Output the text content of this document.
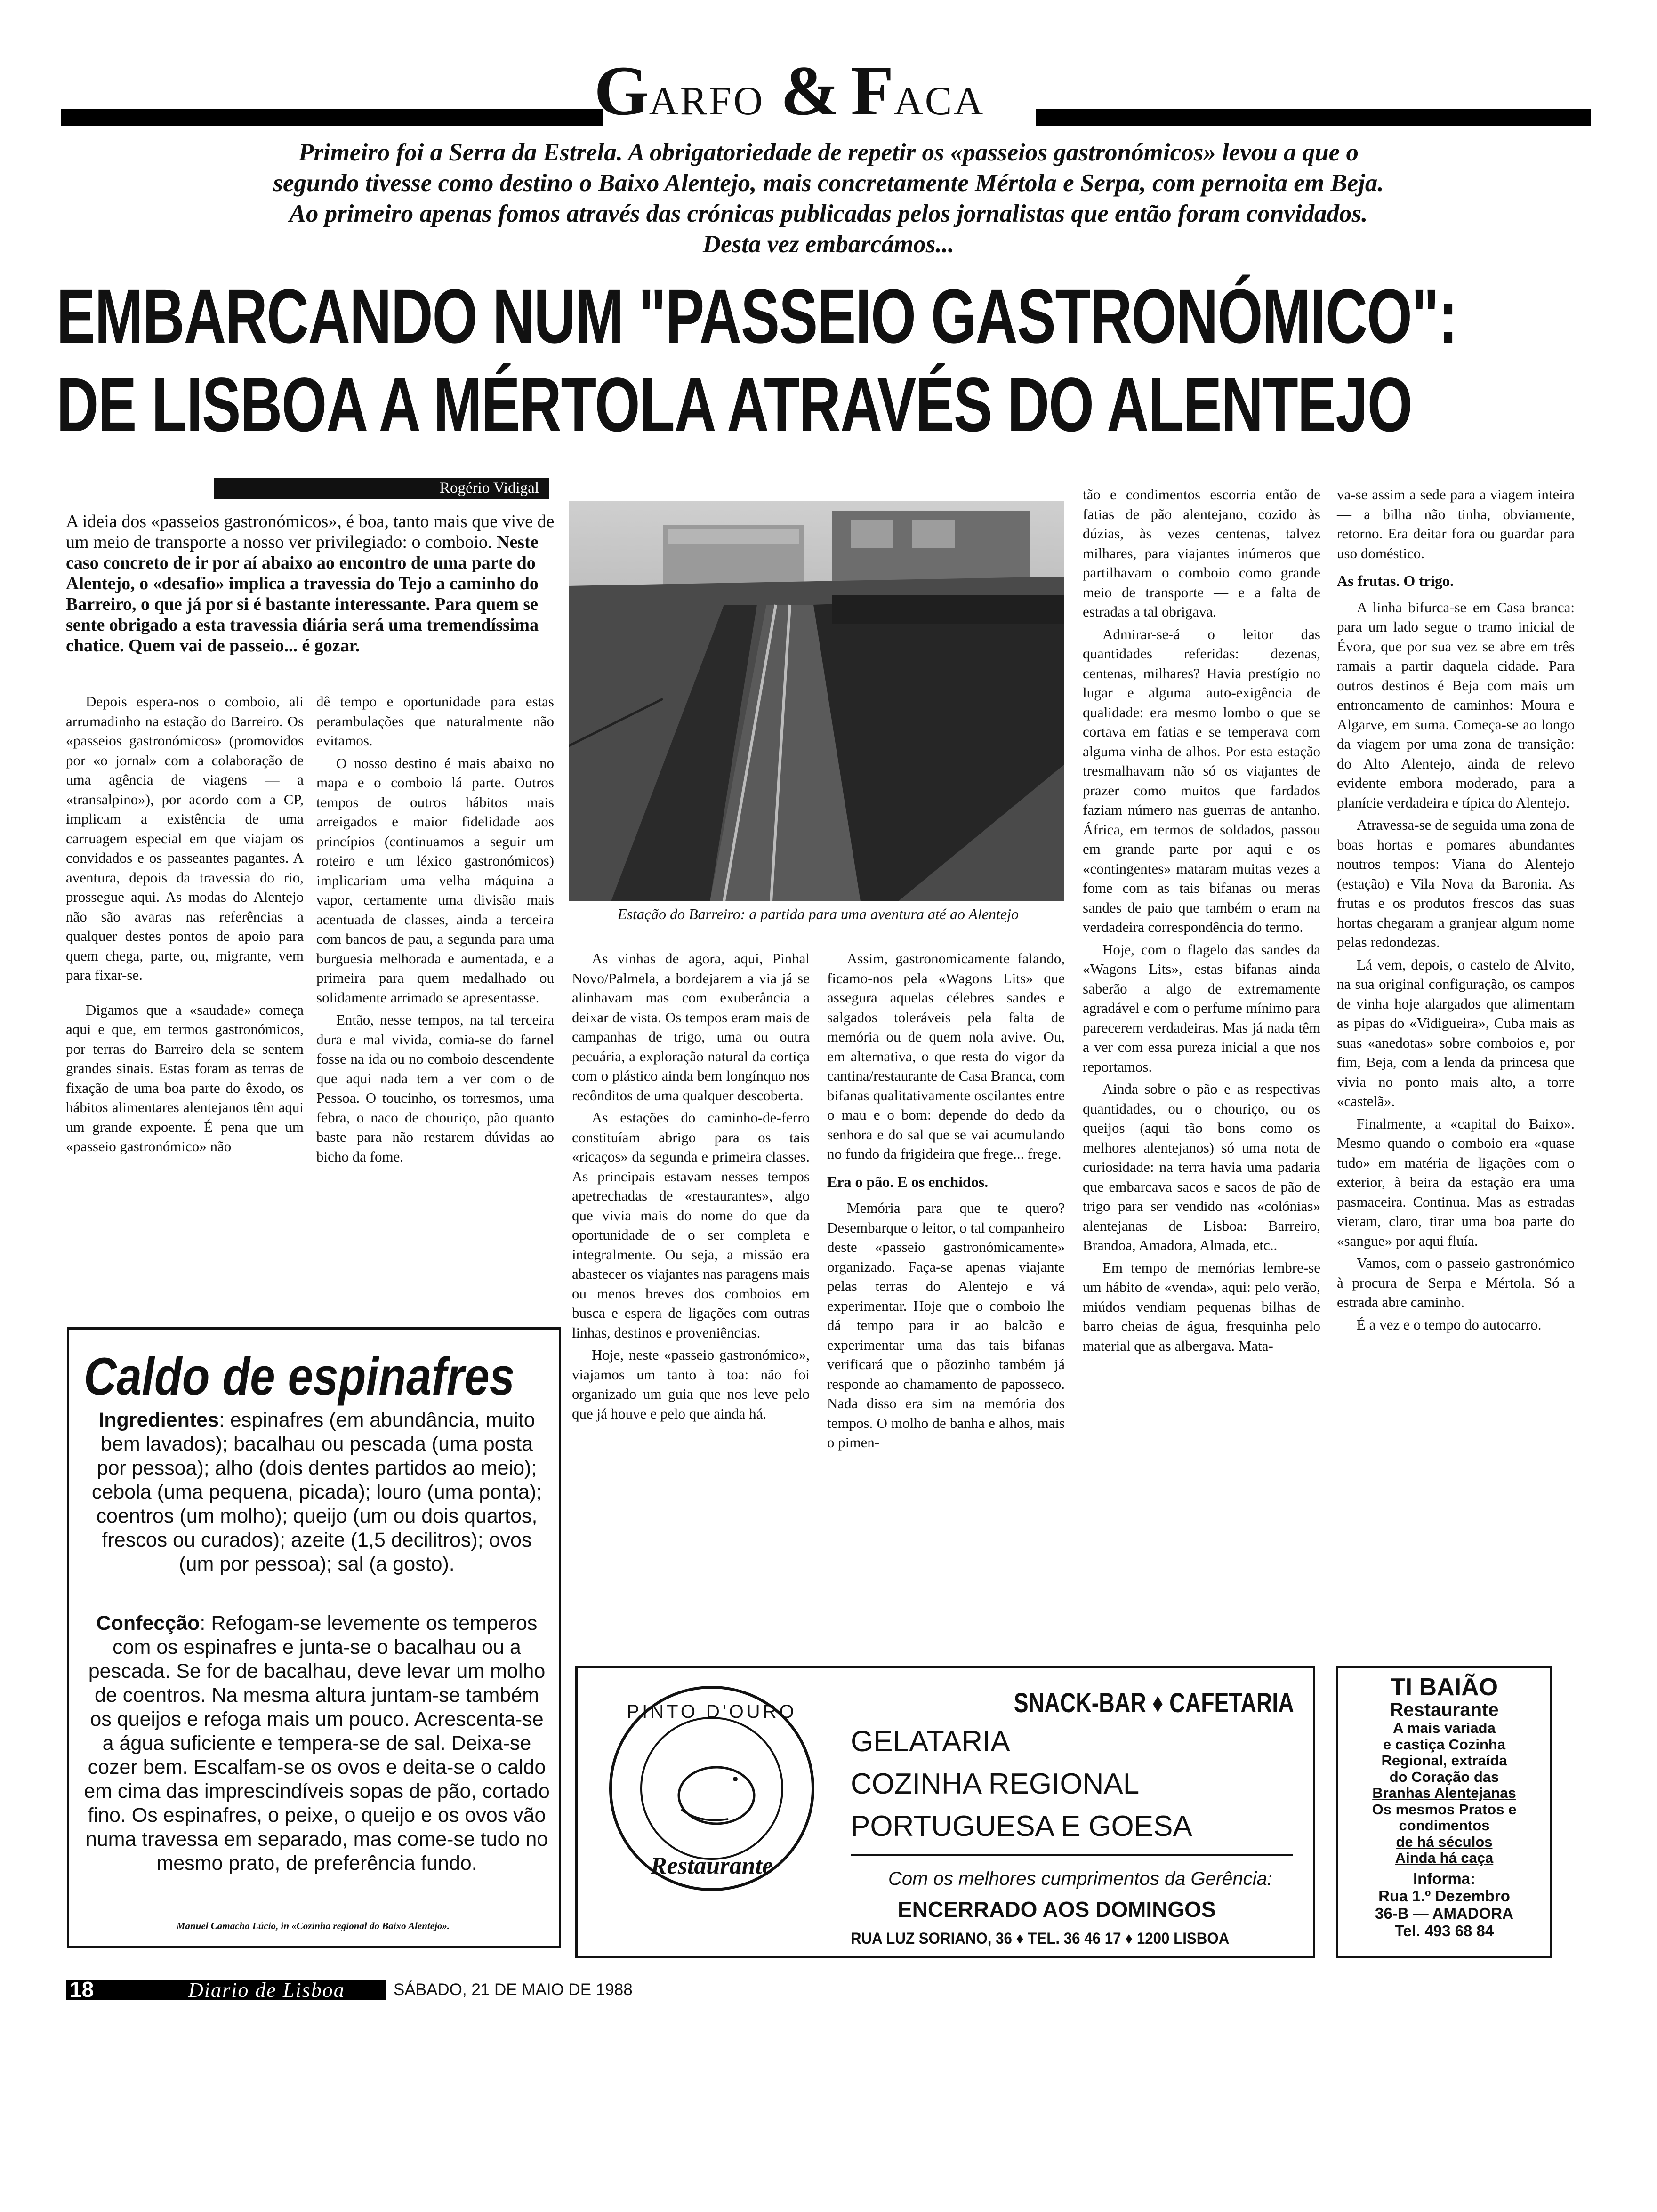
GARFO & FACA
Primeiro foi a Serra da Estrela. A obrigatoriedade de repetir os «passeios gastronómicos» levou a que o
segundo tivesse como destino o Baixo Alentejo, mais concretamente Mértola e Serpa, com pernoita em Beja.
Ao primeiro apenas fomos através das crónicas publicadas pelos jornalistas que então foram convidados.
Desta vez embarcámos...
EMBARCANDO NUM "PASSEIO GASTRONÓMICO":
DE LISBOA A MÉRTOLA ATRAVÉS DO ALENTEJO
Rogério Vidigal
A ideia dos «passeios gastronómicos», é boa, tanto mais que vive de um meio de transporte a nosso ver privilegiado: o comboio. Neste caso concreto de ir por aí abaixo ao encontro de uma parte do Alentejo, o «desafio» implica a travessia do Tejo a caminho do Barreiro, o que já por si é bastante interessante. Para quem se sente obrigado a esta travessia diária será uma tremendíssima chatice. Quem vai de passeio... é gozar.
Estação do Barreiro: a partida para uma aventura até ao Alentejo

Depois espera-nos o comboio, ali arrumadinho na estação do Barreiro. Os «passeios gastronómicos» (promovidos por «o jornal» com a colaboração de uma agência de viagens — a «transalpino»), por acordo com a CP, implicam a existência de uma carruagem especial em que viajam os convidados e os passeantes pagantes. A aventura, depois da travessia do rio, prossegue aqui. As modas do Alentejo não são avaras nas referências a qualquer destes pontos de apoio para quem chega, parte, ou, migrante, vem para fixar-se.

Digamos que a «saudade» começa aqui e que, em termos gastronómicos, por terras do Barreiro dela se sentem grandes sinais. Estas foram as terras de fixação de uma boa parte do êxodo, os hábitos alimentares alentejanos têm aqui um grande expoente. É pena que um «passeio gastronómico» não

dê tempo e oportunidade para estas perambulações que naturalmente não evitamos.

O nosso destino é mais abaixo no mapa e o comboio lá parte. Outros tempos de outros hábitos mais arreigados e maior fidelidade aos princípios (continuamos a seguir um roteiro e um léxico gastronómicos) implicariam uma velha máquina a vapor, certamente uma divisão mais acentuada de classes, ainda a terceira com bancos de pau, a segunda para uma burguesia melhorada e aumentada, e a primeira para quem medalhado ou solidamente arrimado se apresentasse.

Então, nesse tempos, na tal terceira dura e mal vivida, comia-se do farnel fosse na ida ou no comboio descendente que aqui nada tem a ver com o de Pessoa. O toucinho, os torresmos, uma febra, o naco de chouriço, pão quanto baste para não restarem dúvidas ao bicho da fome.

As vinhas de agora, aqui, Pinhal Novo/Palmela, a bordejarem a via já se alinhavam mas com exuberância a deixar de vista. Os tempos eram mais de campanhas de trigo, uma ou outra pecuária, a exploração natural da cortiça com o plástico ainda bem longínquo nos recônditos de uma qualquer descoberta.

As estações do caminho-de-ferro constituíam abrigo para os tais «ricaços» da segunda e primeira classes. As principais estavam nesses tempos apetrechadas de «restaurantes», algo que vivia mais do nome do que da oportunidade de o ser completa e integralmente. Ou seja, a missão era abastecer os viajantes nas paragens mais ou menos breves dos comboios em busca e espera de ligações com outras linhas, destinos e proveniências.

Hoje, neste «passeio gastronómico», viajamos um tanto à toa: não foi organizado um guia que nos leve pelo que já houve e pelo que ainda há.

Assim, gastronomicamente falando, ficamo-nos pela «Wagons Lits» que assegura aquelas célebres sandes e salgados toleráveis pela falta de memória ou de quem nola avive. Ou, em alternativa, o que resta do vigor da cantina/restaurante de Casa Branca, com bifanas qualitativamente oscilantes entre o mau e o bom: depende do dedo da senhora e do sal que se vai acumulando no fundo da frigideira que frege... frege.

Era o pão. E os enchidos.

Memória para que te quero? Desembarque o leitor, o tal companheiro deste «passeio gastronómicamente» organizado. Faça-se apenas viajante pelas terras do Alentejo e vá experimentar. Hoje que o comboio lhe dá tempo para ir ao balcão e experimentar uma das tais bifanas verificará que o pãozinho também já responde ao chamamento de paposseco. Nada disso era sim na memória dos tempos. O molho de banha e alhos, mais o pimen-

tão e condimentos escorria então de fatias de pão alentejano, cozido às dúzias, às vezes centenas, talvez milhares, para viajantes inúmeros que partilhavam o comboio como grande meio de transporte — e a falta de estradas a tal obrigava.

Admirar-se-á o leitor das quantidades referidas: dezenas, centenas, milhares? Havia prestígio no lugar e alguma auto-exigência de qualidade: era mesmo lombo o que se cortava em fatias e se temperava com alguma vinha de alhos. Por esta estação tresmalhavam não só os viajantes de prazer como muitos que fardados faziam número nas guerras de antanho. África, em termos de soldados, passou em grande parte por aqui e os «contingentes» mataram muitas vezes a fome com as tais bifanas ou meras sandes de paio que também o eram na verdadeira correspondência do termo.

Hoje, com o flagelo das sandes da «Wagons Lits», estas bifanas ainda saberão a algo de extremamente agradável e com o perfume mínimo para parecerem verdadeiras. Mas já nada têm a ver com essa pureza inicial a que nos reportamos.

Ainda sobre o pão e as respectivas quantidades, ou o chouriço, ou os queijos (aqui tão bons como os melhores alentejanos) só uma nota de curiosidade: na terra havia uma padaria que embarcava sacos e sacos de pão de trigo para ser vendido nas «colónias» alentejanas de Lisboa: Barreiro, Brandoa, Amadora, Almada, etc..

Em tempo de memórias lembre-se um hábito de «venda», aqui: pelo verão, miúdos vendiam pequenas bilhas de barro cheias de água, fresquinha pelo material que as albergava. Mata-

va-se assim a sede para a viagem inteira — a bilha não tinha, obviamente, retorno. Era deitar fora ou guardar para uso doméstico.

As frutas. O trigo.

A linha bifurca-se em Casa branca: para um lado segue o tramo inicial de Évora, que por sua vez se abre em três ramais a partir daquela cidade. Para outros destinos é Beja com mais um entroncamento de caminhos: Moura e Algarve, em suma. Começa-se ao longo da viagem por uma zona de transição: do Alto Alentejo, ainda de relevo evidente embora moderado, para a planície verdadeira e típica do Alentejo.

Atravessa-se de seguida uma zona de boas hortas e pomares abundantes noutros tempos: Viana do Alentejo (estação) e Vila Nova da Baronia. As frutas e os produtos frescos das suas hortas chegaram a granjear algum nome pelas redondezas.

Lá vem, depois, o castelo de Alvito, na sua original configuração, os campos de vinha hoje alargados que alimentam as pipas do «Vidigueira», Cuba mais as suas «anedotas» sobre comboios e, por fim, Beja, com a lenda da princesa que vivia no ponto mais alto, a torre «castelã».

Finalmente, a «capital do Baixo». Mesmo quando o comboio era «quase tudo» em matéria de ligações com o exterior, à beira da estação era uma pasmaceira. Continua. Mas as estradas vieram, claro, tirar uma boa parte do «sangue» por aqui fluía.

Vamos, com o passeio gastronómico à procura de Serpa e Mértola. Só a estrada abre caminho.

É a vez e o tempo do autocarro.

Caldo de espinafres
Ingredientes: espinafres (em abundância, muito bem lavados); bacalhau ou pescada (uma posta por pessoa); alho (dois dentes partidos ao meio); cebola (uma pequena, picada); louro (uma ponta); coentros (um molho); queijo (um ou dois quartos, frescos ou curados); azeite (1,5 decilitros); ovos (um por pessoa); sal (a gosto).
Confecção: Refogam-se levemente os temperos com os espinafres e junta-se o bacalhau ou a pescada. Se for de bacalhau, deve levar um molho de coentros. Na mesma altura juntam-se também os queijos e refoga mais um pouco. Acrescenta-se a água suficiente e tempera-se de sal. Deixa-se cozer bem. Escalfam-se os ovos e deita-se o caldo em cima das imprescindíveis sopas de pão, cortado fino. Os espinafres, o peixe, o queijo e os ovos vão numa travessa em separado, mas come-se tudo no mesmo prato, de preferência fundo.
Manuel Camacho Lúcio, in «Cozinha regional do Baixo Alentejo».
SNACK-BAR ♦ CAFETARIA
GELATARIA
COZINHA REGIONAL
PORTUGUESA E GOESA
PINTO D'OURO
Restaurante	Com os melhores cumprimentos da Gerência:
ENCERRADO AOS DOMINGOS
RUA LUZ SORIANO, 36 ♦ TEL. 36 46 17 ♦ 1200 LISBOA
TI BAIÃO
Restaurante
A mais variada
e castiça Cozinha
Regional, extraída
do Coração das
Branhas Alentejanas
Os mesmos Pratos e
condimentos
de há séculos
Ainda há caça
Informa:
Rua 1.º Dezembro
36-B — AMADORA
Tel. 493 68 84
18	Diario de Lisboa	SÁBADO, 21 DE MAIO DE 1988
